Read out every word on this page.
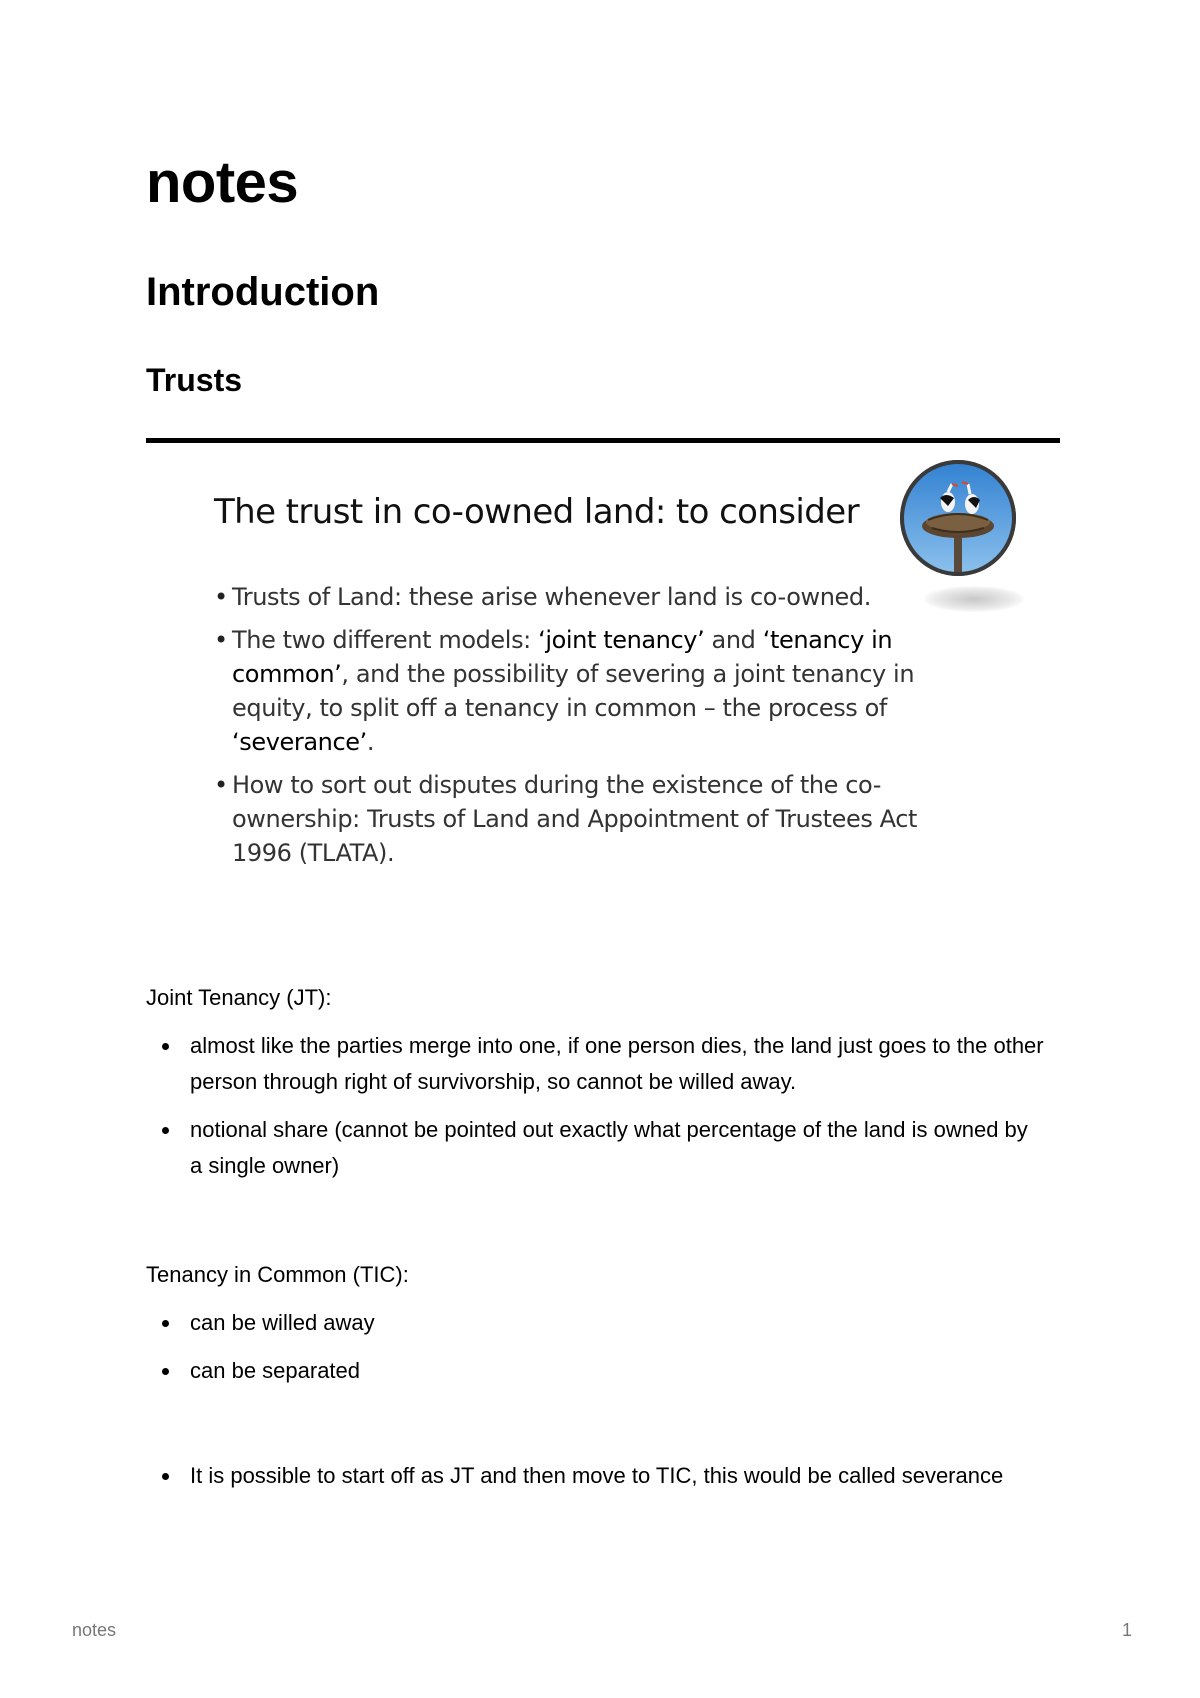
notes
Introduction
Trusts
The trust in co-owned land: to consider
• Trusts of Land: these arise whenever land is co-owned.
• The two different models: ‘joint tenancy’ and ‘tenancy in common’, and the possibility of severing a joint tenancy in equity, to split off a tenancy in common – the process of ‘severance’.
• How to sort out disputes during the existence of the co-ownership: Trusts of Land and Appointment of Trustees Act 1996 (TLATA).

Joint Tenancy (JT):

almost like the parties merge into one, if one person dies, the land just goes to the other person through right of survivorship, so cannot be willed away.
notional share (cannot be pointed out exactly what percentage of the land is owned by a single owner)

Tenancy in Common (TIC):

can be willed away
can be separated
It is possible to start off as JT and then move to TIC, this would be called severance
notes	1
